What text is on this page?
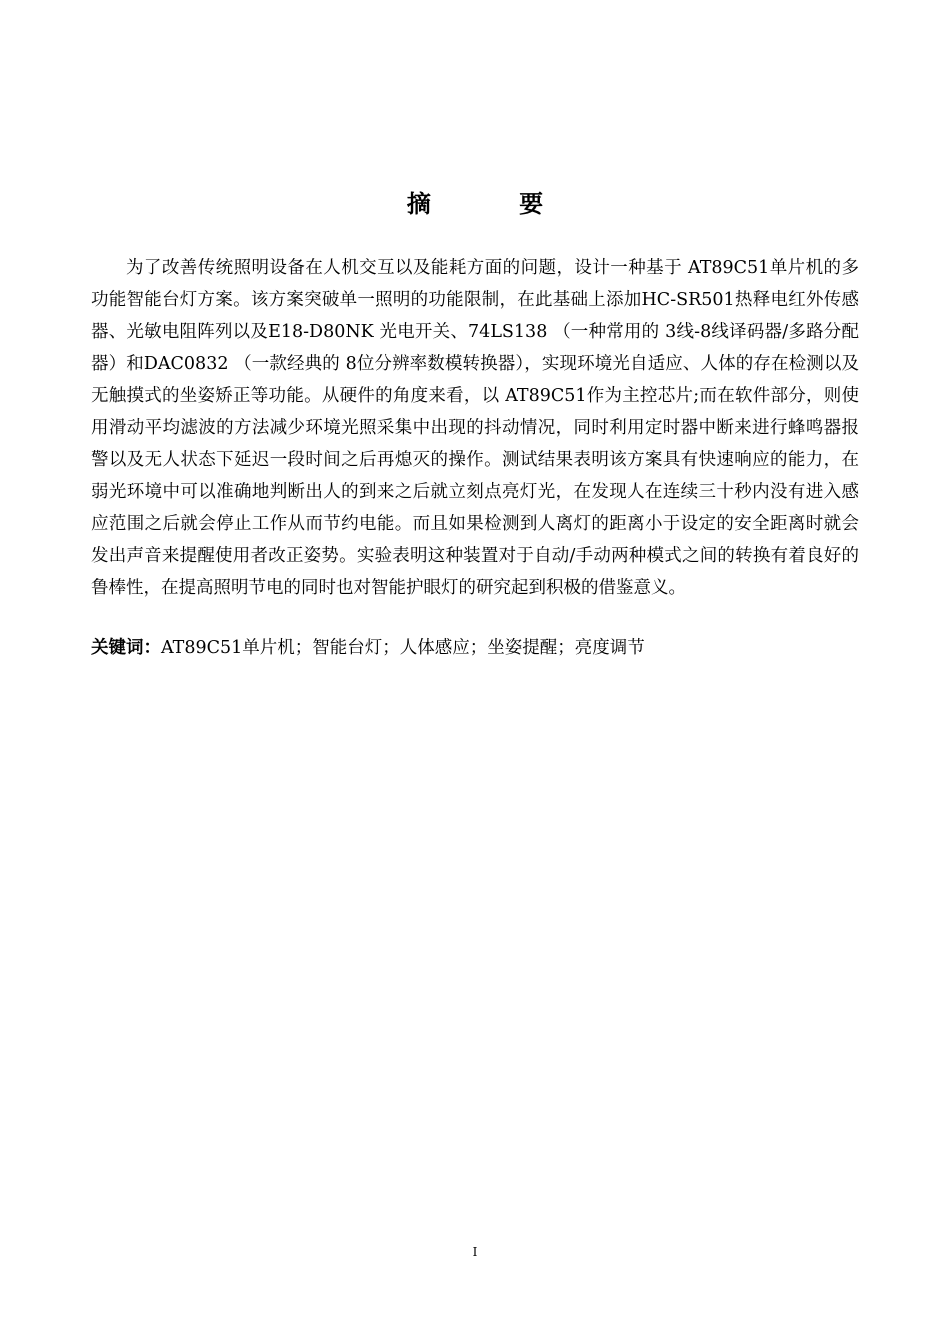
摘 要

为了改善传统照明设备在人机交互以及能耗方面的问题，设计一种基于 AT89C51单片机的多功能智能台灯方案。该方案突破单一照明的功能限制，在此基础上添加HC-SR501热释电红外传感器、光敏电阻阵列以及E18-D80NK 光电开关、74LS138 （一种常用的 3线-8线译码器/多路分配器）和DAC0832 （一款经典的 8位分辨率数模转换器），实现环境光自适应、人体的存在检测以及无触摸式的坐姿矫正等功能。从硬件的角度来看，以 AT89C51作为主控芯片;而在软件部分，则使用滑动平均滤波的方法减少环境光照采集中出现的抖动情况，同时利用定时器中断来进行蜂鸣器报警以及无人状态下延迟一段时间之后再熄灭的操作。测试结果表明该方案具有快速响应的能力，在弱光环境中可以准确地判断出人的到来之后就立刻点亮灯光，在发现人在连续三十秒内没有进入感应范围之后就会停止工作从而节约电能。而且如果检测到人离灯的距离小于设定的安全距离时就会发出声音来提醒使用者改正姿势。实验表明这种装置对于自动/手动两种模式之间的转换有着良好的鲁棒性，在提高照明节电的同时也对智能护眼灯的研究起到积极的借鉴意义。

关键词：AT89C51单片机；智能台灯；人体感应；坐姿提醒；亮度调节

I
